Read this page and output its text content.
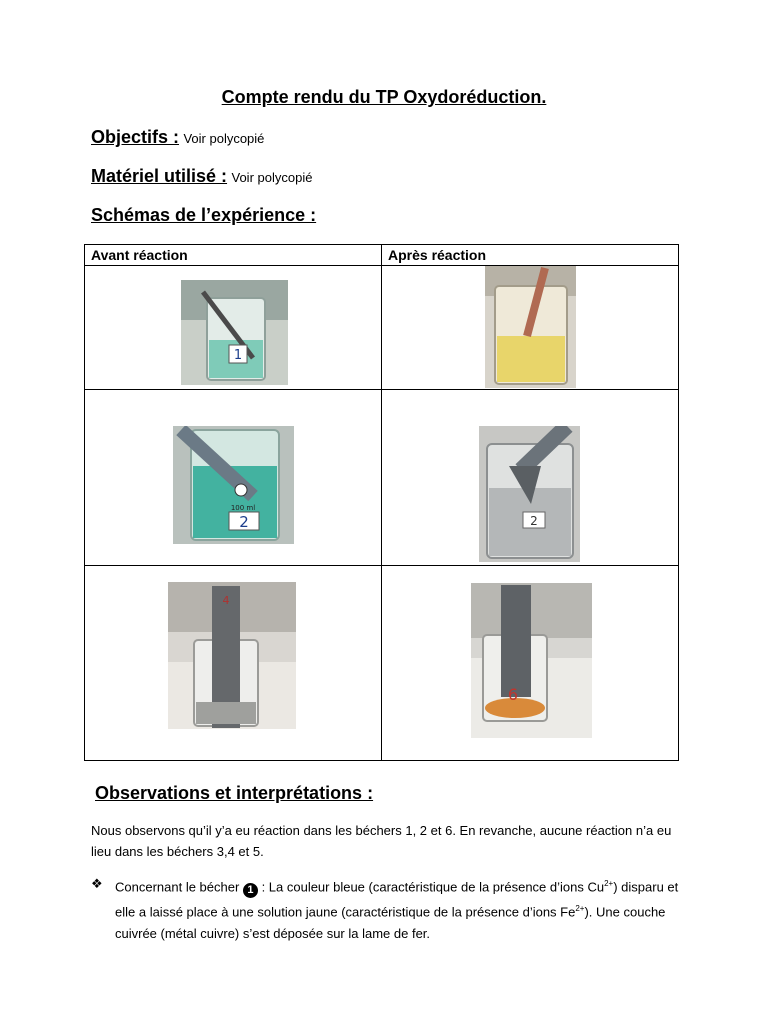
Compte rendu du TP Oxydoréduction.
Objectifs : Voir polycopié
Matériel utilisé : Voir polycopié
Schémas de l’expérience :
Avant réaction	Après réaction

1

100 ml
2	2

4	6
Observations et interprétations :
Nous observons qu’il y’a eu réaction dans les béchers 1, 2 et 6. En revanche, aucune réaction n’a eu lieu dans les béchers 3,4 et 5.
❖ Concernant le bécher 1 : La couleur bleue (caractéristique de la présence d’ions $Cu^{2+}$) disparu et elle a laissé place à une solution jaune (caractéristique de la présence d’ions $Fe^{2+}$). Une couche cuivrée (métal cuivre) s’est déposée sur la lame de fer.
